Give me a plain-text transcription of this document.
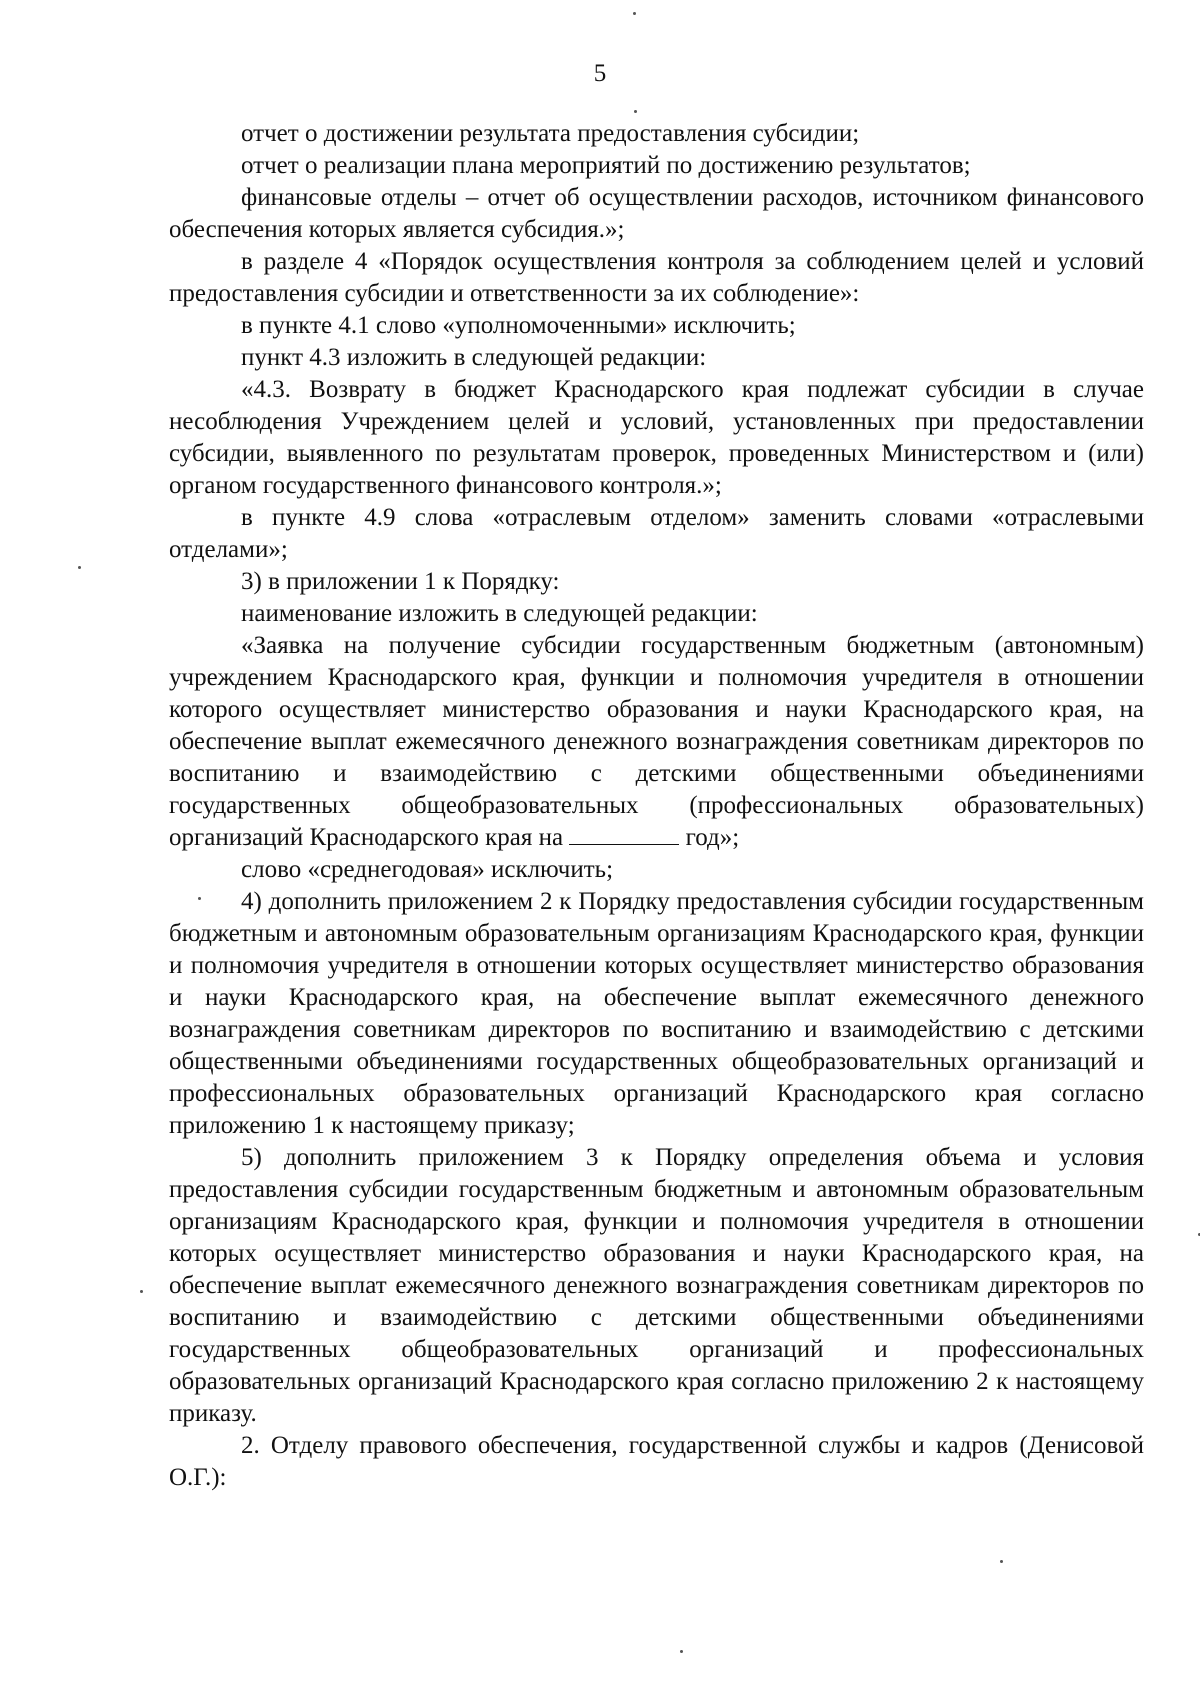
5

отчет о достижении результата предоставления субсидии;

отчет о реализации плана мероприятий по достижению результатов;

финансовые отделы – отчет об осуществлении расходов, источником финансового обеспечения которых является субсидия.»;

в разделе 4 «Порядок осуществления контроля за соблюдением целей и условий предоставления субсидии и ответственности за их соблюдение»:

в пункте 4.1 слово «уполномоченными» исключить;

пункт 4.3 изложить в следующей редакции:

«4.3. Возврату в бюджет Краснодарского края подлежат субсидии в случае несоблюдения Учреждением целей и условий, установленных при предоставлении субсидии, выявленного по результатам проверок, проведенных Министерством и (или) органом государственного финансового контроля.»;

в пункте 4.9 слова «отраслевым отделом» заменить словами «отраслевыми отделами»;

3) в приложении 1 к Порядку:

наименование изложить в следующей редакции:

«Заявка на получение субсидии государственным бюджетным (автономным) учреждением Краснодарского края, функции и полномочия учредителя в отношении которого осуществляет министерство образования и науки Краснодарского края, на обеспечение выплат ежемесячного денежного вознаграждения советникам директоров по воспитанию и взаимодействию с детскими общественными объединениями государственных общеобразовательных (профессиональных образовательных) организаций Краснодарского края на	год»;

слово «среднегодовая» исключить;

4) дополнить приложением 2 к Порядку предоставления субсидии государственным бюджетным и автономным образовательным организациям Краснодарского края, функции и полномочия учредителя в отношении которых осуществляет министерство образования и науки Краснодарского края, на обеспечение выплат ежемесячного денежного вознаграждения советникам директоров по воспитанию и взаимодействию с детскими общественными объединениями государственных общеобразовательных организаций и профессиональных образовательных организаций Краснодарского края согласно приложению 1 к настоящему приказу;

5) дополнить приложением 3 к Порядку определения объема и условия предоставления субсидии государственным бюджетным и автономным образовательным организациям Краснодарского края, функции и полномочия учредителя в отношении которых осуществляет министерство образования и науки Краснодарского края, на обеспечение выплат ежемесячного денежного вознаграждения советникам директоров по воспитанию и взаимодействию с детскими общественными объединениями государственных общеобразовательных организаций и профессиональных образовательных организаций Краснодарского края согласно приложению 2 к настоящему приказу.

2. Отделу правового обеспечения, государственной службы и кадров (Денисовой О.Г.):
